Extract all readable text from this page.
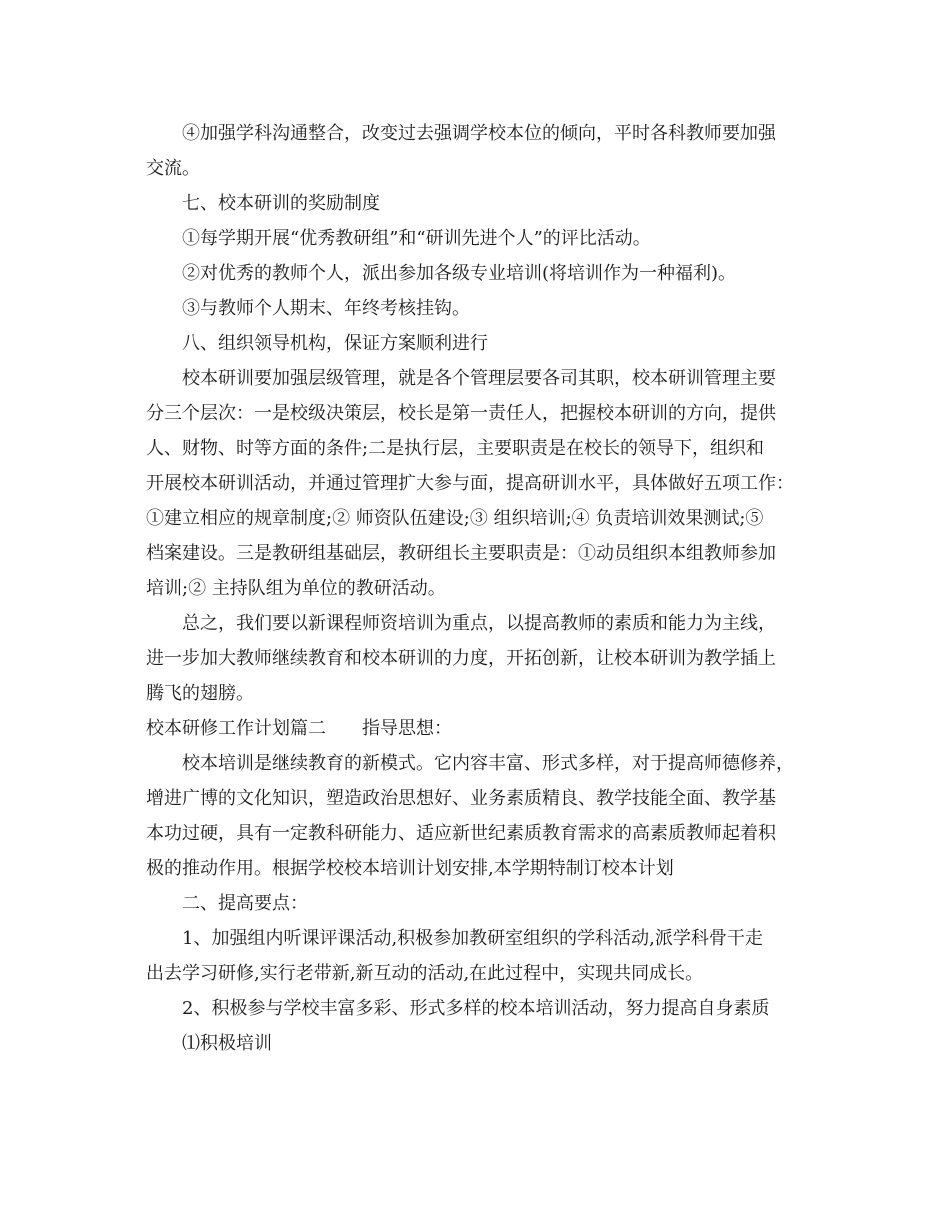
④加强学科沟通整合，改变过去强调学校本位的倾向，平时各科教师要加强
交流。
七、校本研训的奖励制度
①每学期开展“优秀教研组”和“研训先进个人”的评比活动。
②对优秀的教师个人，派出参加各级专业培训(将培训作为一种福利)。
③与教师个人期末、年终考核挂钩。
八、组织领导机构，保证方案顺利进行
校本研训要加强层级管理，就是各个管理层要各司其职，校本研训管理主要
分三个层次：一是校级决策层，校长是第一责任人，把握校本研训的方向，提供
人、财物、时等方面的条件;二是执行层，主要职责是在校长的领导下，组织和
开展校本研训活动，并通过管理扩大参与面，提高研训水平，具体做好五项工作：
①建立相应的规章制度;② 师资队伍建设;③ 组织培训;④ 负责培训效果测试;⑤
档案建设。三是教研组基础层，教研组长主要职责是：①动员组织本组教师参加
培训;② 主持队组为单位的教研活动。
总之，我们要以新课程师资培训为重点，以提高教师的素质和能力为主线，
进一步加大教师继续教育和校本研训的力度，开拓创新，让校本研训为教学插上
腾飞的翅膀。
校本研修工作计划篇二 指导思想：
校本培训是继续教育的新模式。它内容丰富、形式多样，对于提高师德修养，
增进广博的文化知识，塑造政治思想好、业务素质精良、教学技能全面、教学基
本功过硬，具有一定教科研能力、适应新世纪素质教育需求的高素质教师起着积
极的推动作用。根据学校校本培训计划安排,本学期特制订校本计划
二、提高要点：
1、加强组内听课评课活动,积极参加教研室组织的学科活动,派学科骨干走
出去学习研修,实行老带新,新互动的活动,在此过程中，实现共同成长。
2、积极参与学校丰富多彩、形式多样的校本培训活动，努力提高自身素质
⑴积极培训
